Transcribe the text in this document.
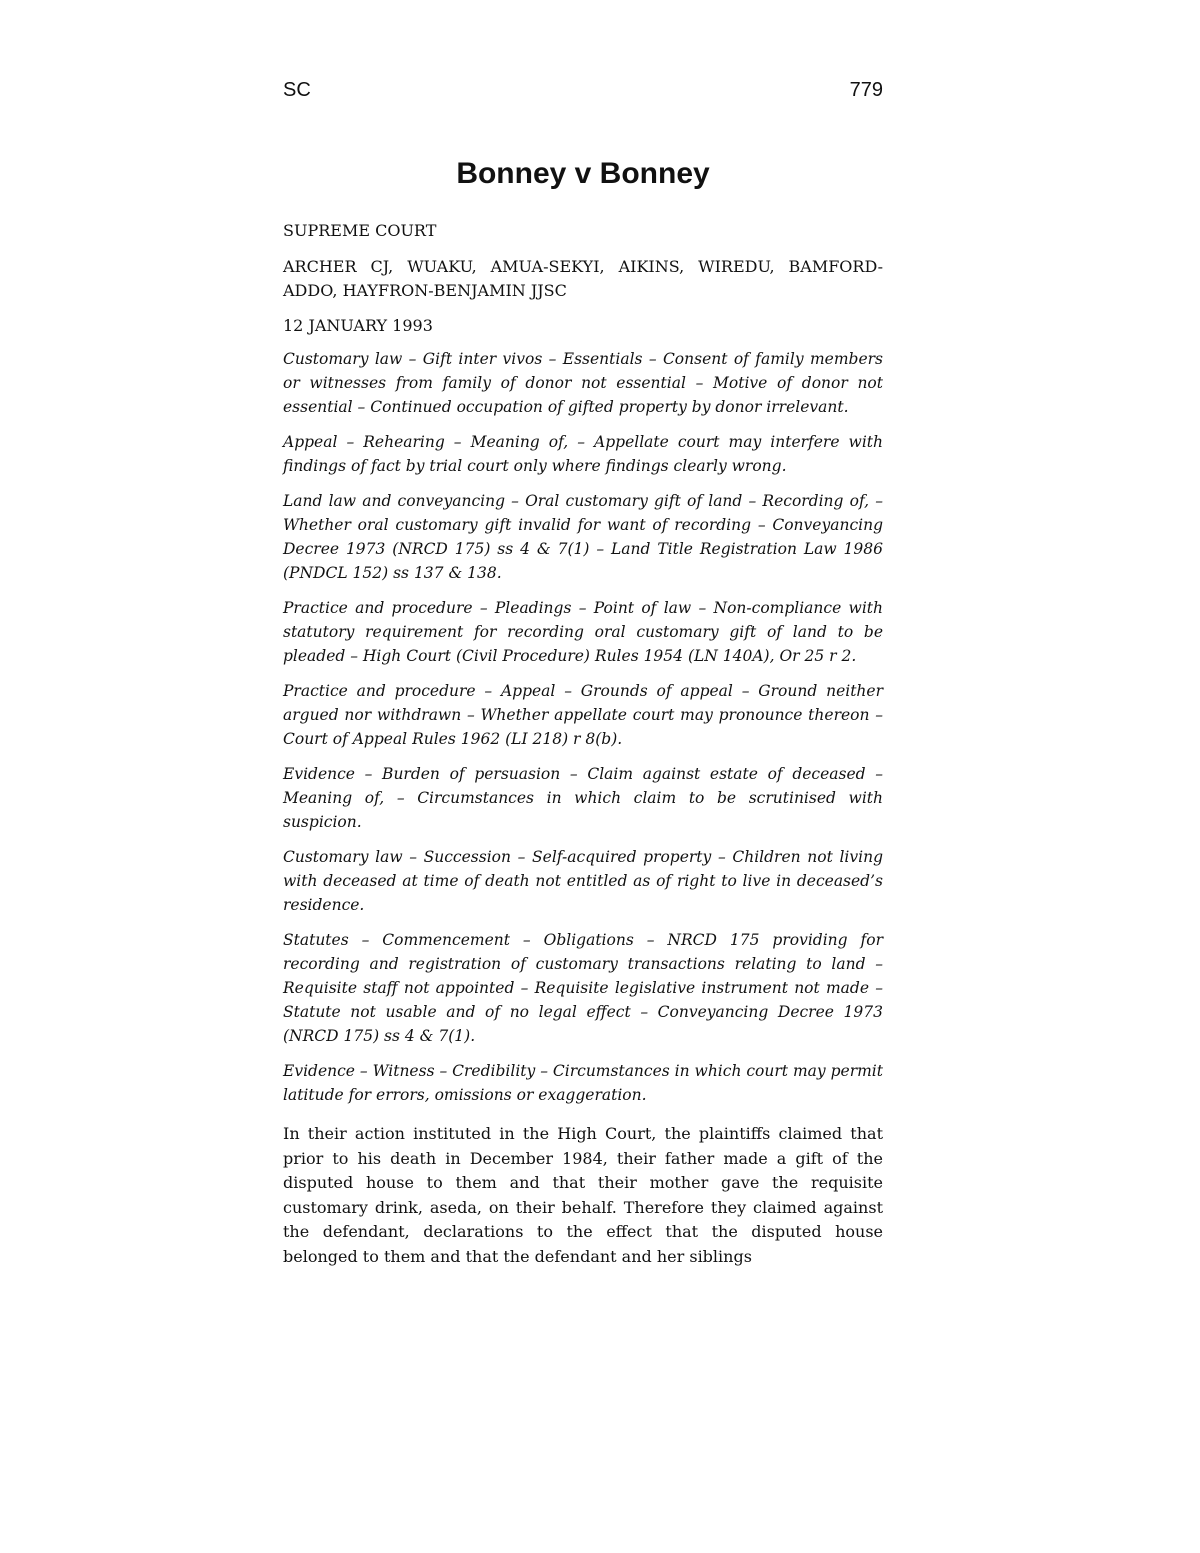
SC	779
Bonney v Bonney

SUPREME COURT

ARCHER CJ, WUAKU, AMUA-SEKYI, AIKINS, WIREDU, BAMFORD-ADDO, HAYFRON-BENJAMIN JJSC

12 JANUARY 1993

Customary law – Gift inter vivos – Essentials – Consent of family members or witnesses from family of donor not essential – Motive of donor not essential – Continued occupation of gifted property by donor irrelevant.

Appeal – Rehearing – Meaning of, – Appellate court may interfere with findings of fact by trial court only where findings clearly wrong.

Land law and conveyancing – Oral customary gift of land – Recording of, – Whether oral customary gift invalid for want of recording – Conveyancing Decree 1973 (NRCD 175) ss 4 & 7(1) – Land Title Registration Law 1986 (PNDCL 152) ss 137 & 138.

Practice and procedure – Pleadings – Point of law – Non-compliance with statutory requirement for recording oral customary gift of land to be pleaded – High Court (Civil Procedure) Rules 1954 (LN 140A), Or 25 r 2.

Practice and procedure – Appeal – Grounds of appeal – Ground neither argued nor withdrawn – Whether appellate court may pronounce thereon – Court of Appeal Rules 1962 (LI 218) r 8(b).

Evidence – Burden of persuasion – Claim against estate of deceased – Meaning of, – Circumstances in which claim to be scrutinised with suspicion.

Customary law – Succession – Self-acquired property – Children not living with deceased at time of death not entitled as of right to live in deceased’s residence.

Statutes – Commencement – Obligations – NRCD 175 providing for recording and registration of customary transactions relating to land – Requisite staff not appointed – Requisite legislative instrument not made – Statute not usable and of no legal effect – Conveyancing Decree 1973 (NRCD 175) ss 4 & 7(1).

Evidence – Witness – Credibility – Circumstances in which court may permit latitude for errors, omissions or exaggeration.

In their action instituted in the High Court, the plaintiffs claimed that prior to his death in December 1984, their father made a gift of the disputed house to them and that their mother gave the requisite customary drink, aseda, on their behalf. Therefore they claimed against the defendant, declarations to the effect that the disputed house belonged to them and that the defendant and her siblings
